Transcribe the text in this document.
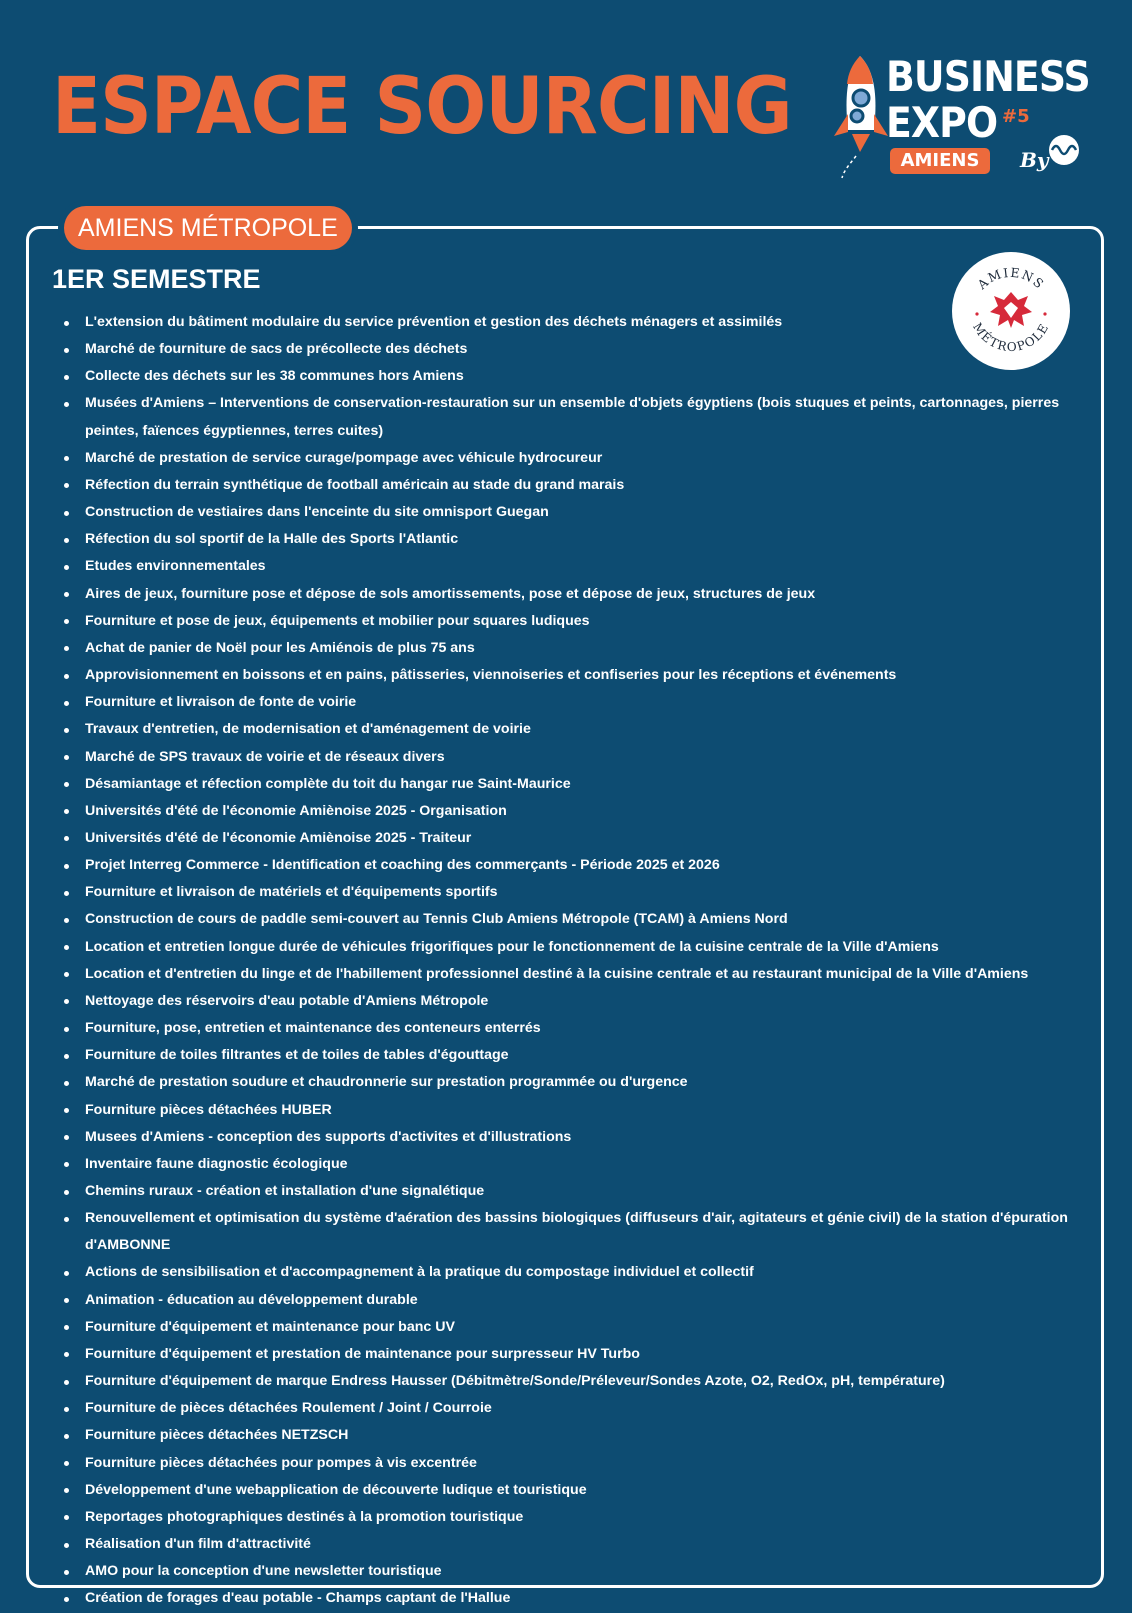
ESPACE SOURCING BUSINESS
EXPO #5
AMIENS	By
AMIENS MÉTROPOLE
AMIENS
MÉTROPOLE
1ER SEMESTRE
L'extension du bâtiment modulaire du service prévention et gestion des déchets ménagers et assimilés
Marché de fourniture de sacs de précollecte des déchets
Collecte des déchets sur les 38 communes hors Amiens
Musées d'Amiens – Interventions de conservation-restauration sur un ensemble d'objets égyptiens (bois stuques et peints, cartonnages, pierres peintes, faïences égyptiennes, terres cuites)
Marché de prestation de service curage/pompage avec véhicule hydrocureur
Réfection du terrain synthétique de football américain au stade du grand marais
Construction de vestiaires dans l'enceinte du site omnisport Guegan
Réfection du sol sportif de la Halle des Sports l'Atlantic
Etudes environnementales
Aires de jeux, fourniture pose et dépose de sols amortissements, pose et dépose de jeux, structures de jeux
Fourniture et pose de jeux, équipements et mobilier pour squares ludiques
Achat de panier de Noël pour les Amiénois de plus 75 ans
Approvisionnement en boissons et en pains, pâtisseries, viennoiseries et confiseries pour les réceptions et événements
Fourniture et livraison de fonte de voirie
Travaux d'entretien, de modernisation et d'aménagement de voirie
Marché de SPS travaux de voirie et de réseaux divers
Désamiantage et réfection complète du toit du hangar rue Saint-Maurice
Universités d'été de l'économie Amiènoise 2025 - Organisation
Universités d'été de l'économie Amiènoise 2025 - Traiteur
Projet Interreg Commerce - Identification et coaching des commerçants - Période 2025 et 2026
Fourniture et livraison de matériels et d'équipements sportifs
Construction de cours de paddle semi-couvert au Tennis Club Amiens Métropole (TCAM) à Amiens Nord
Location et entretien longue durée de véhicules frigorifiques pour le fonctionnement de la cuisine centrale de la Ville d'Amiens
Location et d'entretien du linge et de l'habillement professionnel destiné à la cuisine centrale et au restaurant municipal de la Ville d'Amiens
Nettoyage des réservoirs d'eau potable d'Amiens Métropole
Fourniture, pose, entretien et maintenance des conteneurs enterrés
Fourniture de toiles filtrantes et de toiles de tables d'égouttage
Marché de prestation soudure et chaudronnerie sur prestation programmée ou d'urgence
Fourniture pièces détachées HUBER
Musees d'Amiens - conception des supports d'activites et d'illustrations
Inventaire faune diagnostic écologique
Chemins ruraux - création et installation d'une signalétique
Renouvellement et optimisation du système d'aération des bassins biologiques (diffuseurs d'air, agitateurs et génie civil) de la station d'épuration d'AMBONNE
Actions de sensibilisation et d'accompagnement à la pratique du compostage individuel et collectif
Animation - éducation au développement durable
Fourniture d'équipement et maintenance pour banc UV
Fourniture d'équipement et prestation de maintenance pour surpresseur HV Turbo
Fourniture d'équipement de marque Endress Hausser (Débitmètre/Sonde/Préleveur/Sondes Azote, O2, RedOx, pH, température)
Fourniture de pièces détachées Roulement / Joint / Courroie
Fourniture pièces détachées NETZSCH
Fourniture pièces détachées pour pompes à vis excentrée
Développement d'une webapplication de découverte ludique et touristique
Reportages photographiques destinés à la promotion touristique
Réalisation d'un film d'attractivité
AMO pour la conception d'une newsletter touristique
Création de forages d'eau potable - Champs captant de l'Hallue
